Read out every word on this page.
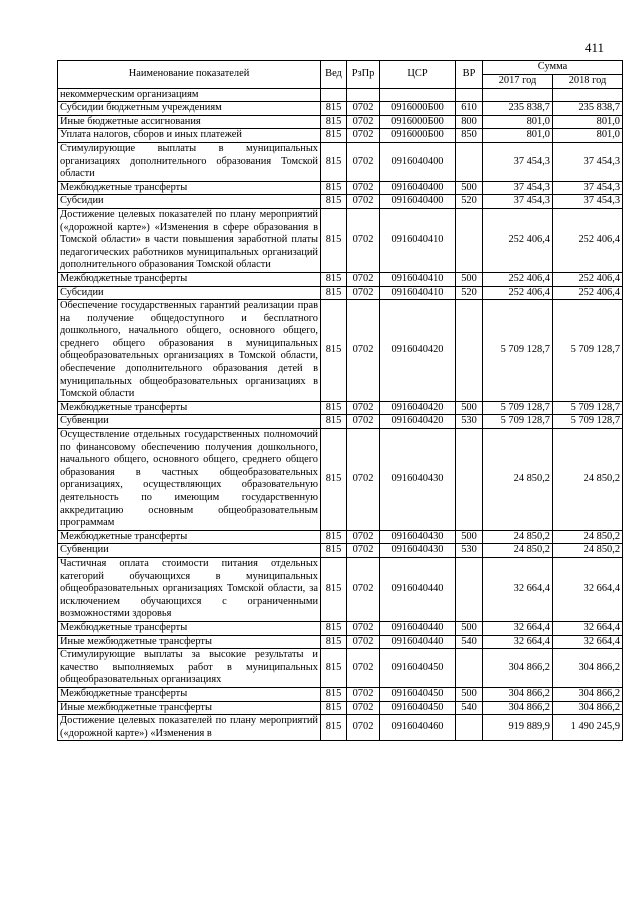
411
Наименование показателей	Вед	РзПр	ЦСР	ВР	Сумма	
					2017 год	2018 год
некоммерческим организациям						
Субсидии бюджетным учреждениям	815	0702	0916000Б00	610	235 838,7	235 838,7
Иные бюджетные ассигнования	815	0702	0916000Б00	800	801,0	801,0
Уплата налогов, сборов и иных платежей	815	0702	0916000Б00	850	801,0	801,0
Стимулирующие выплаты в муниципальных организациях дополнительного образования Томской области	815	0702	0916040400		37 454,3	37 454,3
Межбюджетные трансферты	815	0702	0916040400	500	37 454,3	37 454,3
Субсидии	815	0702	0916040400	520	37 454,3	37 454,3
Достижение целевых показателей по плану мероприятий («дорожной карте») «Изменения в сфере образования в Томской области» в части повышения заработной платы педагогических работников муниципальных организаций дополнительного образования Томской области	815	0702	0916040410		252 406,4	252 406,4
Межбюджетные трансферты	815	0702	0916040410	500	252 406,4	252 406,4
Субсидии	815	0702	0916040410	520	252 406,4	252 406,4
Обеспечение государственных гарантий реализации прав на получение общедоступного и бесплатного дошкольного, начального общего, основного общего, среднего общего образования в муниципальных общеобразовательных организациях в Томской области, обеспечение дополнительного образования детей в муниципальных общеобразовательных организациях в Томской области	815	0702	0916040420		5 709 128,7	5 709 128,7
Межбюджетные трансферты	815	0702	0916040420	500	5 709 128,7	5 709 128,7
Субвенции	815	0702	0916040420	530	5 709 128,7	5 709 128,7
Осуществление отдельных государственных полномочий по финансовому обеспечению получения дошкольного, начального общего, основного общего, среднего общего образования в частных общеобразовательных организациях, осуществляющих образовательную деятельность по имеющим государственную аккредитацию основным общеобразовательным программам	815	0702	0916040430		24 850,2	24 850,2
Межбюджетные трансферты	815	0702	0916040430	500	24 850,2	24 850,2
Субвенции	815	0702	0916040430	530	24 850,2	24 850,2
Частичная оплата стоимости питания отдельных категорий обучающихся в муниципальных общеобразовательных организациях Томской области, за исключением обучающихся с ограниченными возможностями здоровья	815	0702	0916040440		32 664,4	32 664,4
Межбюджетные трансферты	815	0702	0916040440	500	32 664,4	32 664,4
Иные межбюджетные трансферты	815	0702	0916040440	540	32 664,4	32 664,4
Стимулирующие выплаты за высокие результаты и качество выполняемых работ в муниципальных общеобразовательных организациях	815	0702	0916040450		304 866,2	304 866,2
Межбюджетные трансферты	815	0702	0916040450	500	304 866,2	304 866,2
Иные межбюджетные трансферты	815	0702	0916040450	540	304 866,2	304 866,2
Достижение целевых показателей по плану мероприятий («дорожной карте») «Изменения в	815	0702	0916040460		919 889,9	1 490 245,9
